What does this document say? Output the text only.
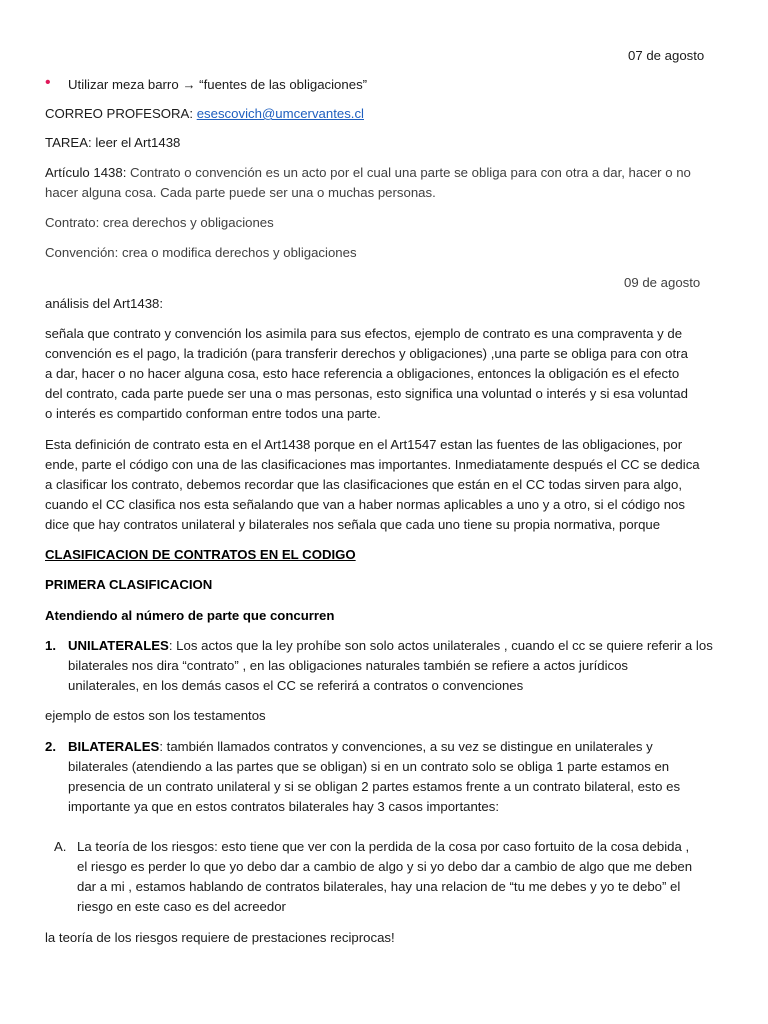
07 de agosto

• Utilizar meza barro → “fuentes de las obligaciones”

CORREO PROFESORA: esescovich@umcervantes.cl

TAREA: leer el Art1438

Artículo 1438: Contrato o convención es un acto por el cual una parte se obliga para con otra a dar, hacer o no

hacer alguna cosa. Cada parte puede ser una o muchas personas.

Contrato: crea derechos y obligaciones

Convención: crea o modifica derechos y obligaciones

09 de agosto

análisis del Art1438:

señala que contrato y convención los asimila para sus efectos, ejemplo de contrato es una compraventa y de

convención es el pago, la tradición (para transferir derechos y obligaciones) ,una parte se obliga para con otra

a dar, hacer o no hacer alguna cosa, esto hace referencia a obligaciones, entonces la obligación es el efecto

del contrato, cada parte puede ser una o mas personas, esto significa una voluntad o interés y si esa voluntad

o interés es compartido conforman entre todos una parte.

Esta definición de contrato esta en el Art1438 porque en el Art1547 estan las fuentes de las obligaciones, por

ende, parte el código con una de las clasificaciones mas importantes. Inmediatamente después el CC se dedica

a clasificar los contrato, debemos recordar que las clasificaciones que están en el CC todas sirven para algo,

cuando el CC clasifica nos esta señalando que van a haber normas aplicables a uno y a otro, si el código nos

dice que hay contratos unilateral y bilaterales nos señala que cada uno tiene su propia normativa, porque

CLASIFICACION DE CONTRATOS EN EL CODIGO

PRIMERA CLASIFICACION

Atendiendo al número de parte que concurren

1. UNILATERALES: Los actos que la ley prohíbe son solo actos unilaterales , cuando el cc se quiere referir a los

bilaterales nos dira “contrato” , en las obligaciones naturales también se refiere a actos jurídicos

unilaterales, en los demás casos el CC se referirá a contratos o convenciones

ejemplo de estos son los testamentos

2. BILATERALES: también llamados contratos y convenciones, a su vez se distingue en unilaterales y

bilaterales (atendiendo a las partes que se obligan) si en un contrato solo se obliga 1 parte estamos en

presencia de un contrato unilateral y si se obligan 2 partes estamos frente a un contrato bilateral, esto es

importante ya que en estos contratos bilaterales hay 3 casos importantes:

A. La teoría de los riesgos: esto tiene que ver con la perdida de la cosa por caso fortuito de la cosa debida ,

el riesgo es perder lo que yo debo dar a cambio de algo y si yo debo dar a cambio de algo que me deben

dar a mi , estamos hablando de contratos bilaterales, hay una relacion de “tu me debes y yo te debo” el

riesgo en este caso es del acreedor

la teoría de los riesgos requiere de prestaciones reciprocas!
